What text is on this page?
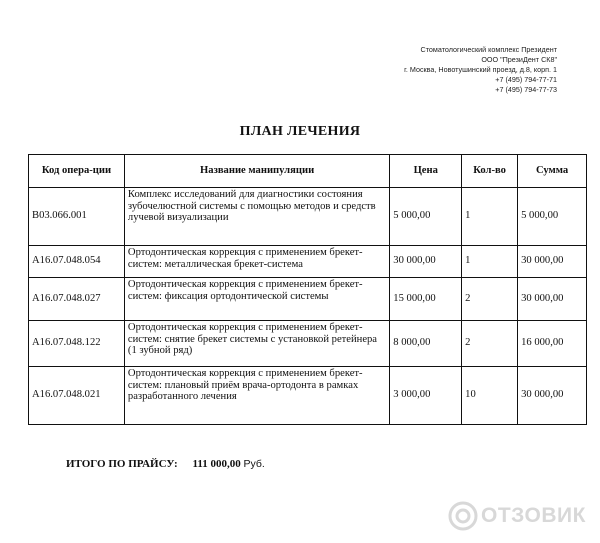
Стоматологический комплекс Президент
ООО "ПрезиДент СК8"
г. Москва, Новотушинский проезд, д.8, корп. 1
+7 (495) 794-77-71
+7 (495) 794-77-73
ПЛАН ЛЕЧЕНИЯ
Код опера-ции	Название манипуляции	Цена	Кол-во	Сумма
B03.066.001	Комплекс исследований для диагностики состояния зубочелюстной системы с помощью методов и средств лучевой визуализации	5 000,00	1	5 000,00
A16.07.048.054	Ортодонтическая коррекция с применением брекет-систем: металлическая брекет-система	30 000,00	1	30 000,00
A16.07.048.027	Ортодонтическая коррекция с применением брекет-систем: фиксация ортодонтической системы	15 000,00	2	30 000,00
A16.07.048.122	Ортодонтическая коррекция с применением брекет-систем: снятие брекет системы с установкой ретейнера (1 зубной ряд)	8 000,00	2	16 000,00
A16.07.048.021	Ортодонтическая коррекция с применением брекет-систем: плановый приём врача-ортодонта в рамках разработанного лечения	3 000,00	10	30 000,00
ИТОГО ПО ПРАЙСУ: 111 000,00 Руб.
ОТЗОВИК
